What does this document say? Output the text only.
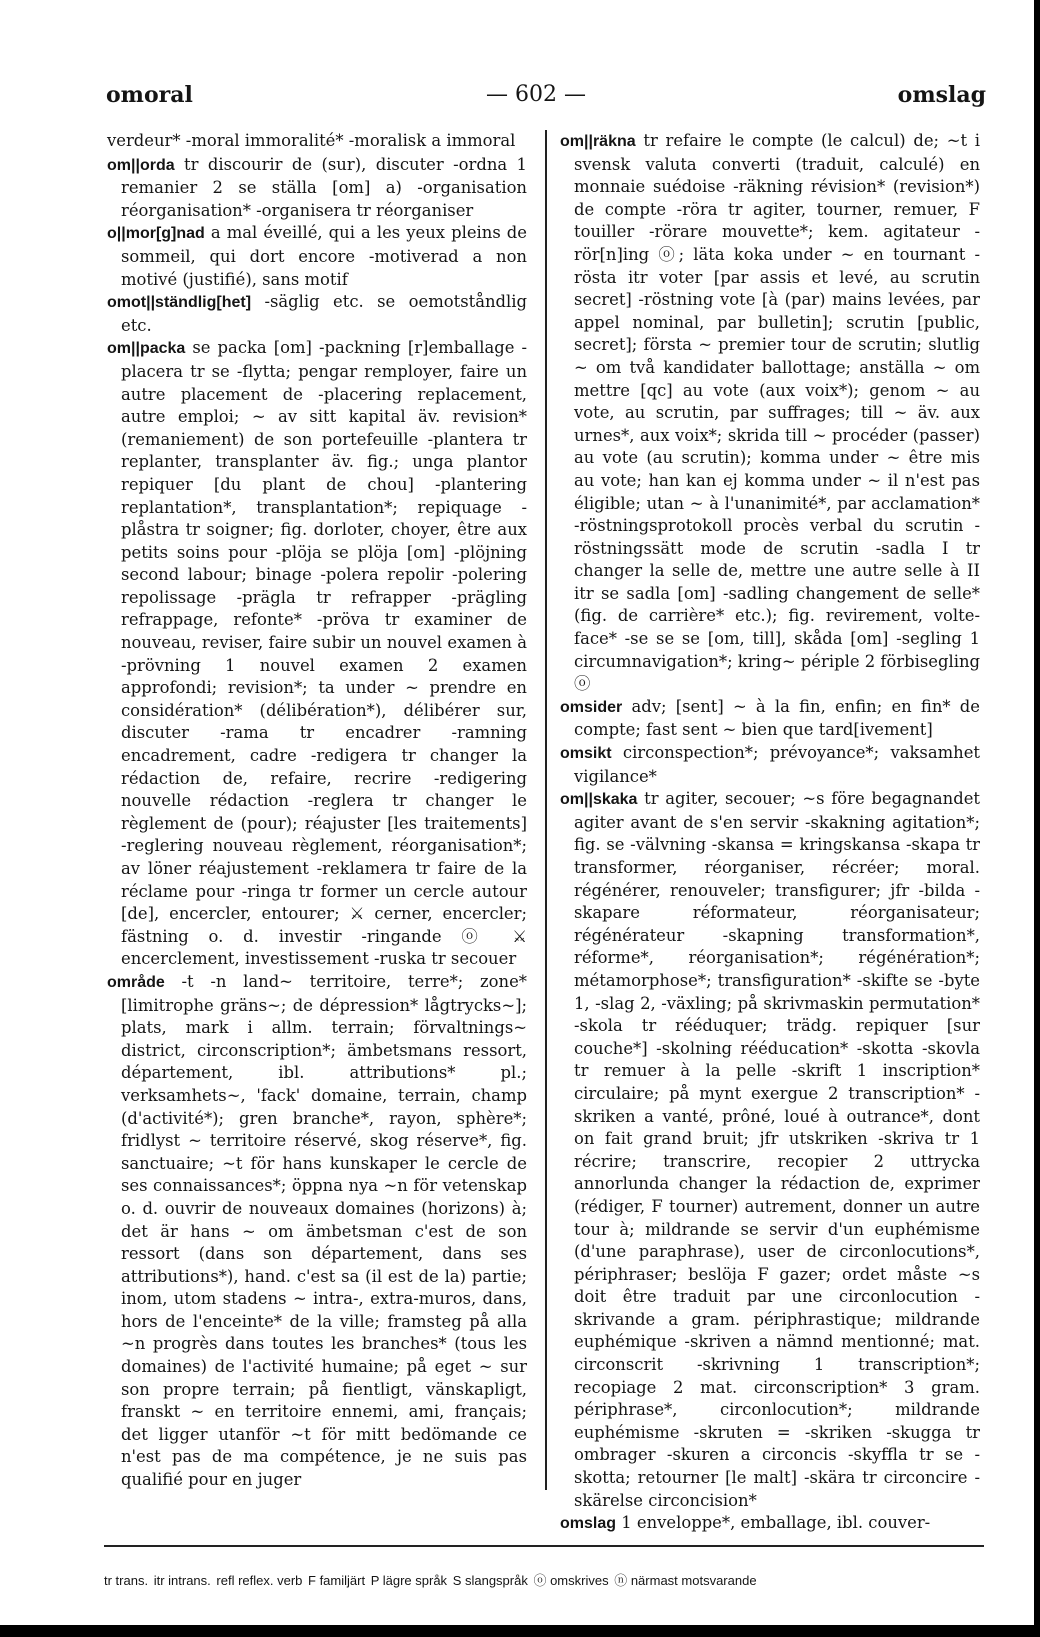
omoral	— 602 —	omslag

verdeur* -moral immoralité* -moralisk a immoral

om||orda tr discourir de (sur), discuter -ordna 1 remanier 2 se ställa [om] a) -organisation réorganisation* -organisera tr réorganiser

o||mor[g]nad a mal éveillé, qui a les yeux pleins de sommeil, qui dort encore -motiverad a non motivé (justifié), sans motif

omot||ständlig[het] -säglig etc. se oemotståndlig etc.

om||packa se packa [om] -packning [r]emballage -placera tr se -flytta; pengar remployer, faire un autre placement de -placering replacement, autre emploi; ~ av sitt kapital äv. revision* (remaniement) de son portefeuille -plantera tr replanter, transplanter äv. fig.; unga plantor repiquer [du plant de chou] -plantering replantation*, transplantation*; repiquage -plåstra tr soigner; fig. dorloter, choyer, être aux petits soins pour -plöja se plöja [om] -plöjning second labour; binage -polera repolir -polering repolissage -prägla tr refrapper -prägling refrappage, refonte* -pröva tr examiner de nouveau, reviser, faire subir un nouvel examen à -prövning 1 nouvel examen 2 examen approfondi; revision*; ta under ~ prendre en considération* (délibération*), délibérer sur, discuter -rama tr encadrer -ramning encadrement, cadre -redigera tr changer la rédaction de, refaire, recrire -redigering nouvelle rédaction -reglera tr changer le règlement de (pour); réajuster [les traitements] -reglering nouveau règlement, réorganisation*; av löner réajustement -reklamera tr faire de la réclame pour -ringa tr former un cercle autour [de], encercler, entourer; ⚔ cerner, encercler; fästning o. d. investir -ringande ⓞ ⚔ encerclement, investissement -ruska tr secouer

område -t -n land~ territoire, terre*; zone* [limitrophe gräns~; de dépression* lågtrycks~]; plats, mark i allm. terrain; förvaltnings~ district, circonscription*; ämbetsmans ressort, département, ibl. attributions* pl.; verksamhets~, 'fack' domaine, terrain, champ (d'activité*); gren branche*, rayon, sphère*; fridlyst ~ territoire réservé, skog réserve*, fig. sanctuaire; ~t för hans kunskaper le cercle de ses connaissances*; öppna nya ~n för vetenskap o. d. ouvrir de nouveaux domaines (horizons) à; det är hans ~ om ämbetsman c'est de son ressort (dans son département, dans ses attributions*), hand. c'est sa (il est de la) partie; inom, utom stadens ~ intra-, extra-muros, dans, hors de l'enceinte* de la ville; framsteg på alla ~n progrès dans toutes les branches* (tous les domaines) de l'activité humaine; på eget ~ sur son propre terrain; på fientligt, vänskapligt, franskt ~ en territoire ennemi, ami, français; det ligger utanför ~t för mitt bedömande ce n'est pas de ma compétence, je ne suis pas qualifié pour en juger

om||räkna tr refaire le compte (le calcul) de; ~t i svensk valuta converti (traduit, calculé) en monnaie suédoise -räkning révision* (revision*) de compte -röra tr agiter, tourner, remuer, F touiller -rörare mouvette*; kem. agitateur -rör[n]ing ⓞ; läta koka under ~ en tournant -rösta itr voter [par assis et levé, au scrutin secret] -röstning vote [à (par) mains levées, par appel nominal, par bulletin]; scrutin [public, secret]; första ~ premier tour de scrutin; slutlig ~ om två kandidater ballottage; anställa ~ om mettre [qc] au vote (aux voix*); genom ~ au vote, au scrutin, par suffrages; till ~ äv. aux urnes*, aux voix*; skrida till ~ procéder (passer) au vote (au scrutin); komma under ~ être mis au vote; han kan ej komma under ~ il n'est pas éligible; utan ~ à l'unanimité*, par acclamation* -röstningsprotokoll procès verbal du scrutin -röstningssätt mode de scrutin -sadla I tr changer la selle de, mettre une autre selle à II itr se sadla [om] -sadling changement de selle* (fig. de carrière* etc.); fig. revirement, volte-face* -se se se [om, till], skåda [om] -segling 1 circumnavigation*; kring~ périple 2 förbisegling ⓞ

omsider adv; [sent] ~ à la fin, enfin; en fin* de compte; fast sent ~ bien que tard[ivement]

omsikt circonspection*; prévoyance*; vaksamhet vigilance*

om||skaka tr agiter, secouer; ~s före begagnandet agiter avant de s'en servir -skakning agitation*; fig. se -välvning -skansa = kringskansa -skapa tr transformer, réorganiser, récréer; moral. régénérer, renouveler; transfigurer; jfr -bilda -skapare réformateur, réorganisateur; régénérateur -skapning transformation*, réforme*, réorganisation*; régénération*; métamorphose*; transfiguration* -skifte se -byte 1, -slag 2, -växling; på skrivmaskin permutation* -skola tr rééduquer; trädg. repiquer [sur couche*] -skolning rééducation* -skotta -skovla tr remuer à la pelle -skrift 1 inscription* circulaire; på mynt exergue 2 transcription* -skriken a vanté, prôné, loué à outrance*, dont on fait grand bruit; jfr utskriken -skriva tr 1 récrire; transcrire, recopier 2 uttrycka annorlunda changer la rédaction de, exprimer (rédiger, F tourner) autrement, donner un autre tour à; mildrande se servir d'un euphémisme (d'une paraphrase), user de circonlocutions*, périphraser; beslöja F gazer; ordet måste ~s doit être traduit par une circonlocution -skrivande a gram. périphrastique; mildrande euphémique -skriven a nämnd mentionné; mat. circonscrit -skrivning 1 transcription*; recopiage 2 mat. circonscription* 3 gram. périphrase*, circonlocution*; mildrande euphémisme -skruten = -skriken -skugga tr ombrager -skuren a circoncis -skyffla tr se -skotta; retourner [le malt] -skära tr circoncire -skärelse circoncision*

omslag 1 enveloppe*, emballage, ibl. couver-

tr trans. itr intrans. refl reflex. verb F familjärt P lägre språk S slangspråk ⓞ omskrives ⓝ närmast motsvarande
